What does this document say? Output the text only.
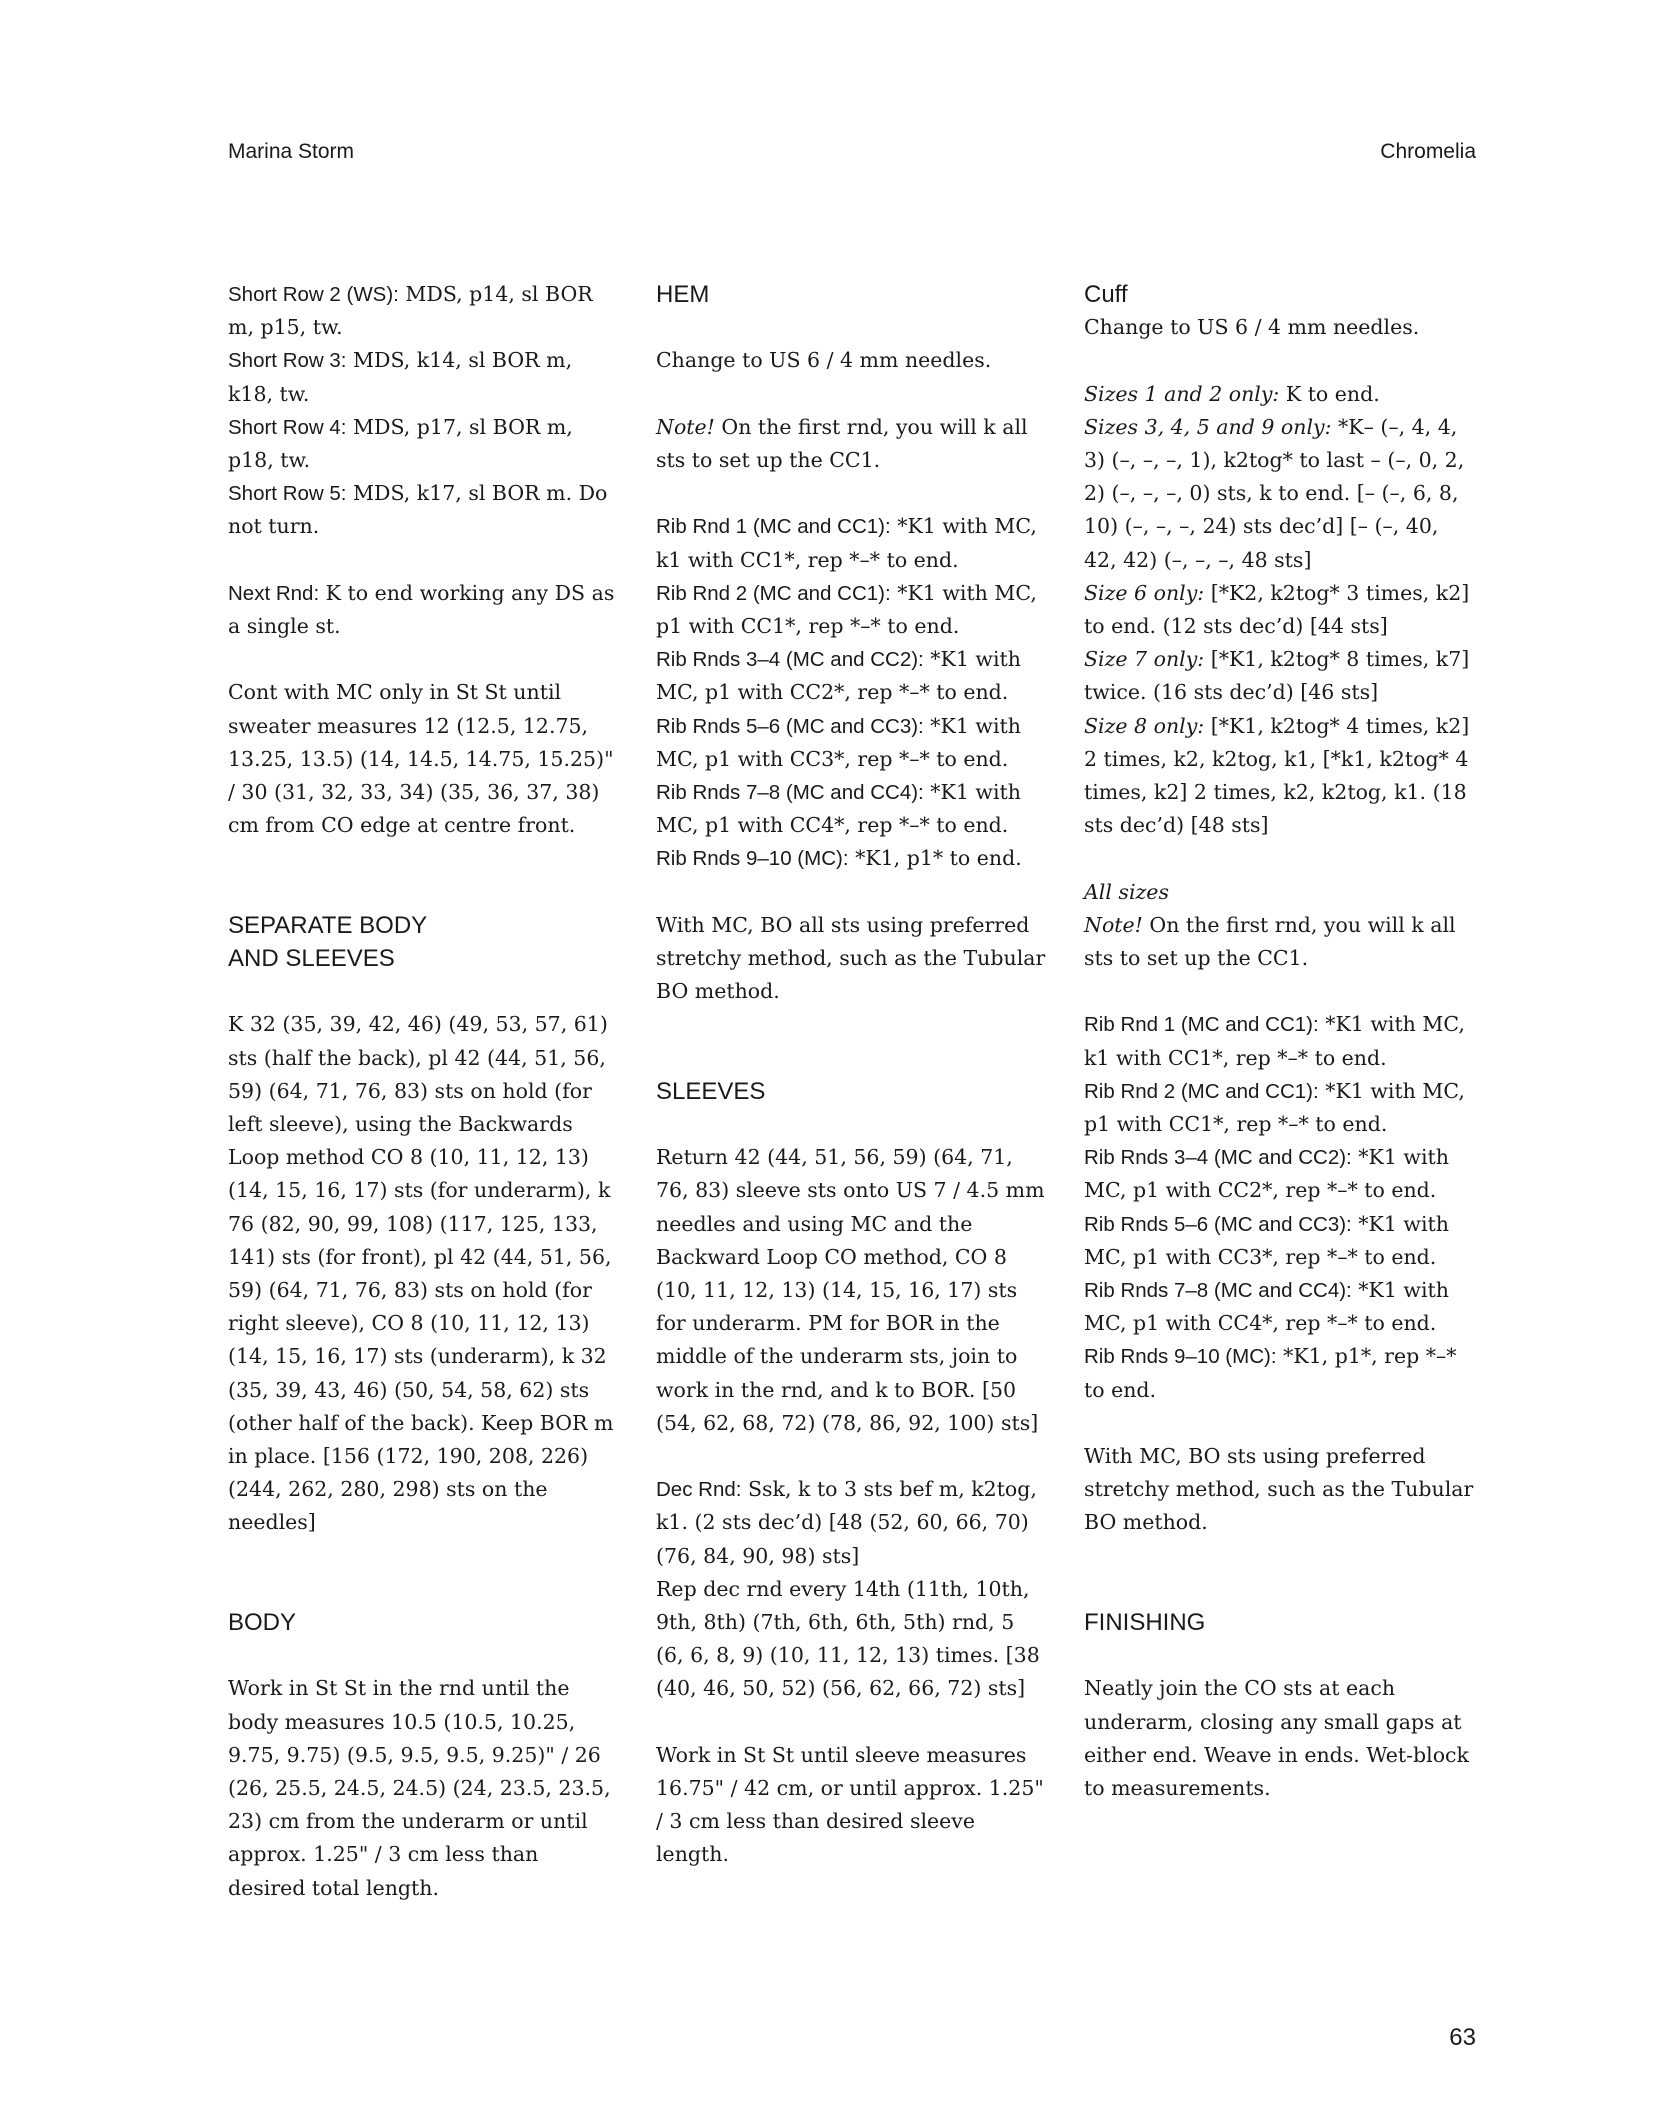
Marina Storm	Chromelia
Short Row 2 (WS): MDS, p14, sl BOR m, p15, tw.
Short Row 3: MDS, k14, sl BOR m, k18, tw.
Short Row 4: MDS, p17, sl BOR m, p18, tw.
Short Row 5: MDS, k17, sl BOR m. Do not turn.
Next Rnd: K to end working any DS as a single st.
Cont with MC only in St St until sweater measures 12 (12.5, 12.75, 13.25, 13.5) (14, 14.5, 14.75, 15.25)" / 30 (31, 32, 33, 34) (35, 36, 37, 38) cm from CO edge at centre front.
SEPARATE BODY
AND SLEEVES
K 32 (35, 39, 42, 46) (49, 53, 57, 61) sts (half the back), pl 42 (44, 51, 56, 59) (64, 71, 76, 83) sts on hold (for left sleeve), using the Backwards Loop method CO 8 (10, 11, 12, 13) (14, 15, 16, 17) sts (for underarm), k 76 (82, 90, 99, 108) (117, 125, 133, 141) sts (for front), pl 42 (44, 51, 56, 59) (64, 71, 76, 83) sts on hold (for right sleeve), CO 8 (10, 11, 12, 13) (14, 15, 16, 17) sts (underarm), k 32 (35, 39, 43, 46) (50, 54, 58, 62) sts (other half of the back). Keep BOR m in place. [156 (172, 190, 208, 226) (244, 262, 280, 298) sts on the needles]
BODY
Work in St St in the rnd until the body measures 10.5 (10.5, 10.25, 9.75, 9.75) (9.5, 9.5, 9.5, 9.25)" / 26 (26, 25.5, 24.5, 24.5) (24, 23.5, 23.5, 23) cm from the underarm or until approx. 1.25" / 3 cm less than desired total length.
HEM
Change to US 6 / 4 mm needles.
Note! On the first rnd, you will k all sts to set up the CC1.
Rib Rnd 1 (MC and CC1): *K1 with MC, k1 with CC1*, rep *–* to end.
Rib Rnd 2 (MC and CC1): *K1 with MC, p1 with CC1*, rep *–* to end.
Rib Rnds 3–4 (MC and CC2): *K1 with MC, p1 with CC2*, rep *–* to end.
Rib Rnds 5–6 (MC and CC3): *K1 with MC, p1 with CC3*, rep *–* to end.
Rib Rnds 7–8 (MC and CC4): *K1 with MC, p1 with CC4*, rep *–* to end.
Rib Rnds 9–10 (MC): *K1, p1* to end.
With MC, BO all sts using preferred stretchy method, such as the Tubular BO method.
SLEEVES
Return 42 (44, 51, 56, 59) (64, 71, 76, 83) sleeve sts onto US 7 / 4.5 mm needles and using MC and the Backward Loop CO method, CO 8 (10, 11, 12, 13) (14, 15, 16, 17) sts for underarm. PM for BOR in the middle of the underarm sts, join to work in the rnd, and k to BOR. [50 (54, 62, 68, 72) (78, 86, 92, 100) sts]
Dec Rnd: Ssk, k to 3 sts bef m, k2tog, k1. (2 sts dec’d) [48 (52, 60, 66, 70) (76, 84, 90, 98) sts]
Rep dec rnd every 14th (11th, 10th, 9th, 8th) (7th, 6th, 6th, 5th) rnd, 5 (6, 6, 8, 9) (10, 11, 12, 13) times. [38 (40, 46, 50, 52) (56, 62, 66, 72) sts]
Work in St St until sleeve measures 16.75" / 42 cm, or until approx. 1.25" / 3 cm less than desired sleeve length.
Cuff
Change to US 6 / 4 mm needles.
Sizes 1 and 2 only: K to end.
Sizes 3, 4, 5 and 9 only: *K– (–, 4, 4, 3) (–, –, –, 1), k2tog* to last – (–, 0, 2, 2) (–, –, –, 0) sts, k to end. [– (–, 6, 8, 10) (–, –, –, 24) sts dec’d] [– (–, 40, 42, 42) (–, –, –, 48 sts]
Size 6 only: [*K2, k2tog* 3 times, k2] to end. (12 sts dec’d) [44 sts]
Size 7 only: [*K1, k2tog* 8 times, k7] twice. (16 sts dec’d) [46 sts]
Size 8 only: [*K1, k2tog* 4 times, k2] 2 times, k2, k2tog, k1, [*k1, k2tog* 4 times, k2] 2 times, k2, k2tog, k1. (18 sts dec’d) [48 sts]
All sizes
Note! On the first rnd, you will k all sts to set up the CC1.
Rib Rnd 1 (MC and CC1): *K1 with MC, k1 with CC1*, rep *–* to end.
Rib Rnd 2 (MC and CC1): *K1 with MC, p1 with CC1*, rep *–* to end.
Rib Rnds 3–4 (MC and CC2): *K1 with MC, p1 with CC2*, rep *–* to end.
Rib Rnds 5–6 (MC and CC3): *K1 with MC, p1 with CC3*, rep *–* to end.
Rib Rnds 7–8 (MC and CC4): *K1 with MC, p1 with CC4*, rep *–* to end.
Rib Rnds 9–10 (MC): *K1, p1*, rep *–* to end.
With MC, BO sts using preferred stretchy method, such as the Tubular BO method.
FINISHING
Neatly join the CO sts at each underarm, closing any small gaps at either end. Weave in ends. Wet-block to measurements.
63
